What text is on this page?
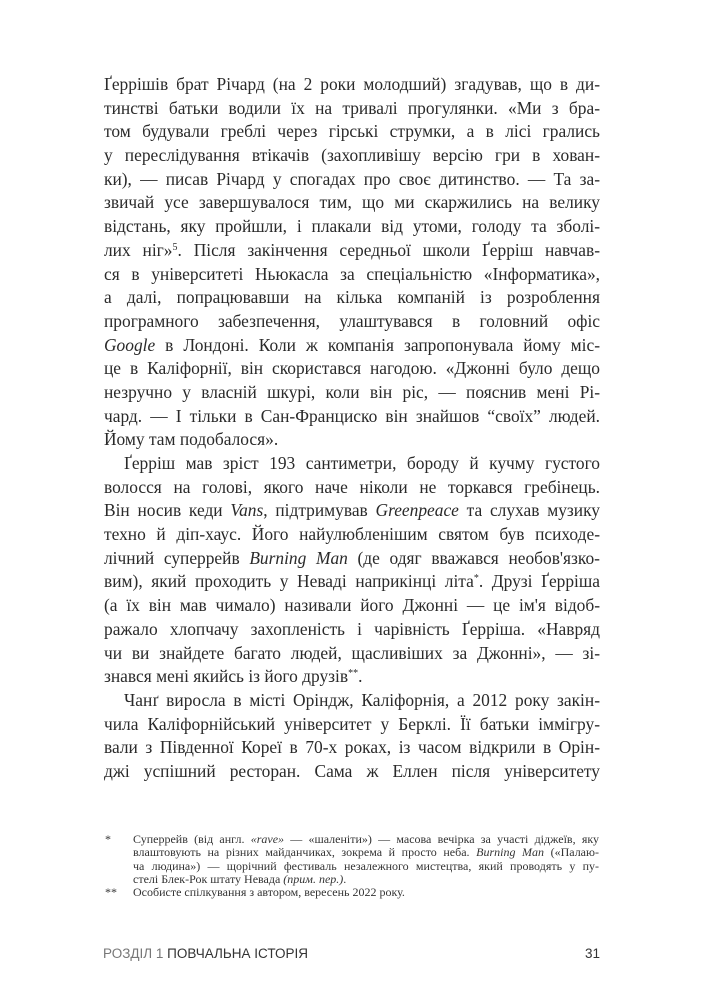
Ґеррішів брат Річард (на 2 роки молодший) згадував, що в ди-
тинстві батьки водили їх на тривалі прогулянки. «Ми з бра-
том будували греблі через гірські струмки, а в лісі грались
у переслідування втікачів (захопливішу версію гри в хован-
ки), — писав Річард у спогадах про своє дитинство. — Та за-
звичай усе завершувалося тим, що ми скаржились на велику
відстань, яку пройшли, і плакали від утоми, голоду та зболі-
лих ніг»$^5$. Після закінчення середньої школи Ґерріш навчав-
ся в університеті Ньюкасла за спеціальністю «Інформатика»,
а далі, попрацювавши на кілька компаній із розроблення
програмного забезпечення, улаштувався в головний офіс
Google в Лондоні. Коли ж компанія запропонувала йому міс-
це в Каліфорнії, він скористався нагодою. «Джонні було дещо
незручно у власній шкурі, коли він ріс, — пояснив мені Рі-
чард. — І тільки в Сан-Франциско він знайшов “своїх” людей.
Йому там подобалося».
Ґерріш мав зріст 193 сантиметри, бороду й кучму густого
волосся на голові, якого наче ніколи не торкався гребінець.
Він носив кеди Vans, підтримував Greenpeace та слухав музику
техно й діп-хаус. Його найулюбленішим святом був психоде-
лічний суперрейв Burning Man (де одяг вважався необов'язко-
вим), який проходить у Неваді наприкінці літа*. Друзі Ґерріша
(а їх він мав чимало) називали його Джонні — це ім'я відоб-
ражало хлопчачу захопленість і чарівність Ґерріша. «Навряд
чи ви знайдете багато людей, щасливіших за Джонні», — зі-
знався мені якийсь із його друзів**.
Чанґ виросла в місті Оріндж, Каліфорнія, а 2012 року закін-
чила Каліфорнійський університет у Берклі. Її батьки іммігру-
вали з Південної Кореї в 70-х роках, із часом відкрили в Орін-
джі успішний ресторан. Сама ж Еллен після університету
* Суперрейв (від англ. «rave» — «шаленіти») — масова вечірка за участі діджеїв, яку
влаштовують на різних майданчиках, зокрема й просто неба. Burning Man («Палаю-
ча людина») — щорічний фестиваль незалежного мистецтва, який проводять у пу-
стелі Блек-Рок штату Невада (прим. пер.).
** Особисте спілкування з автором, вересень 2022 року.
РОЗДІЛ 1 ПОВЧАЛЬНА ІСТОРІЯ	31
